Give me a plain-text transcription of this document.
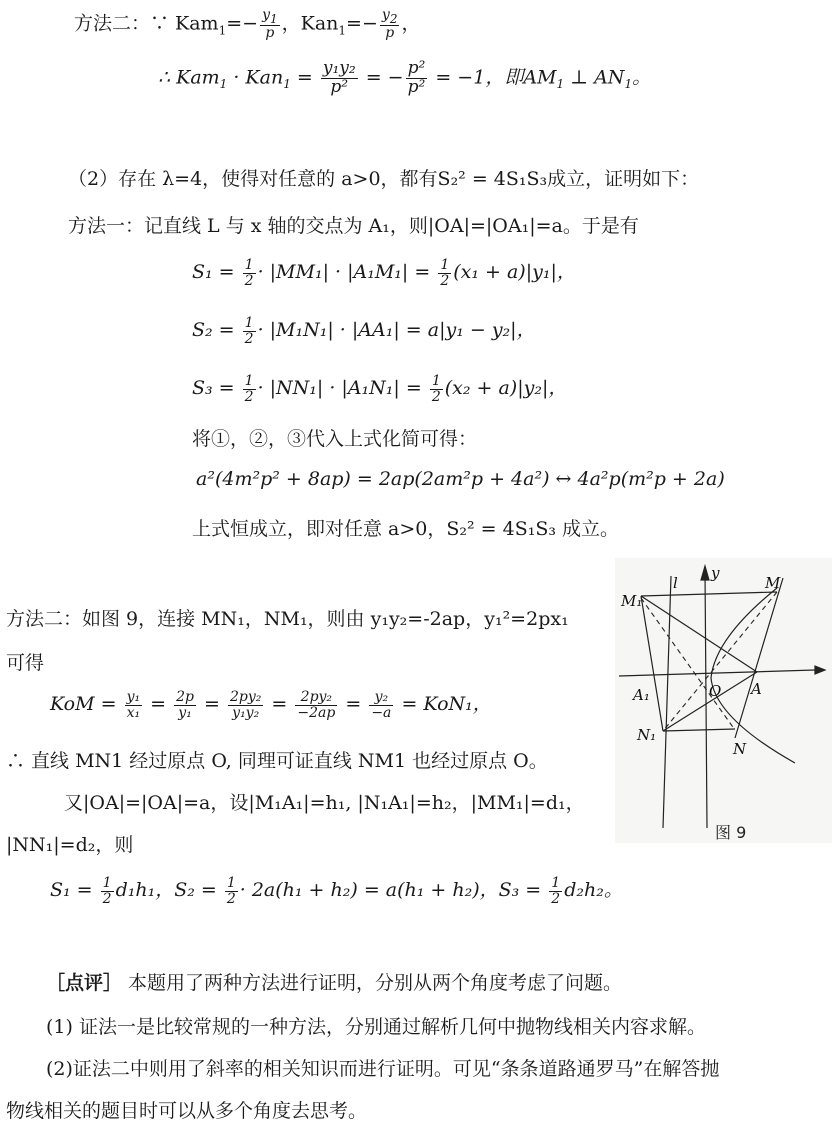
方法二：∵ $Kam_1=- \frac{y_1}{p}$ ，$Kan_1=- \frac{y_2}{p}$ ，
∴ $Kam_1 \cdot Kan_1 = \frac{\text{y₁y₂}}{\text{p²}}$ = − $\frac{\text{p²}}{\text{p²}} = -1$，即$AM_1$ ⊥ $AN_1$。
（2）存在 λ=4，使得对任意的 a>0，都有S₂² = 4S₁S₃成立，证明如下：
方法一：记直线 L 与 x 轴的交点为 A₁，则|OA|=|OA₁|=a。于是有
$S_1 = \frac{1}{2} \cdot |MM_1| \cdot |A_1M_1| = \frac{1}{2} (x_1 + a)|y_1|$，
$S_2 = \frac{1}{2} \cdot |M_1N_1| \cdot |AA_1| = a|y_1 - y_2|$，
$S_3 = \frac{1}{2} \cdot |NN_1| \cdot |A_1N_1| = \frac{1}{2} (x_2 + a)|y_2|$，
将①，②，③代入上式化简可得：
a²(4m²p² + 8ap) = 2ap(2am²p + 4a²) ↔ 4a²p(m²p + 2a)
上式恒成立，即对任意 a>0，S₂² = 4S₁S₃ 成立。
方法二：如图 9，连接 MN₁，NM₁，则由 y₁y₂=-2ap，y₁²=2px₁
可得
KoM = $\frac{\text{y₁}}{\text{x₁}} = \frac{2p}{\text{y₁}} = \frac{\text{2py₂}}{\text{y₁y₂}} = \frac{\text{2py₂}}{-2ap} = \frac{\text{y₂}}{-a} = KoN_1$，
∴ 直线 MN1 经过原点 O, 同理可证直线 NM1 也经过原点 O。
又|OA|=|OA|=a，设|M₁A₁|=h₁, |N₁A₁|=h₂，|MM₁|=d₁，
|NN₁|=d₂，则
$S_1 = \frac{1}{2} d_1h_1$，$S_2 = \frac{1}{2} \cdot 2a(h_1 + h_2) = a(h_1 + h_2)$，$S_3 = \frac{1}{2} d_2h_2$。
［点评］ 本题用了两种方法进行证明，分别从两个角度考虑了问题。
(1) 证法一是比较常规的一种方法，分别通过解析几何中抛物线相关内容求解。
(2)证法二中则用了斜率的相关知识而进行证明。可见“条条道路通罗马”在解答抛
物线相关的题目时可以从多个角度去思考。
l
y
M
M₁
A₁	O A
N₁
N
图 9
